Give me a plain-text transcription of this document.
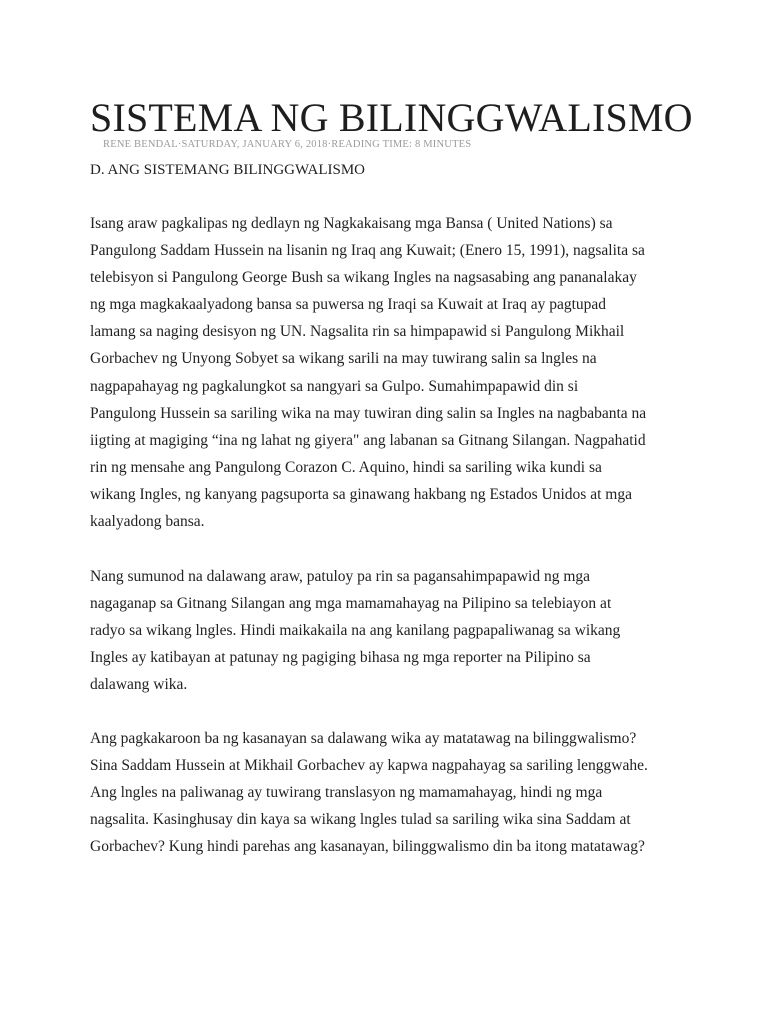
SISTEMA NG BILINGGWALISMO
RENE BENDAL·SATURDAY, JANUARY 6, 2018·READING TIME: 8 MINUTES
D. ANG SISTEMANG BILINGGWALISMO

Isang araw pagkalipas ng dedlayn ng Nagkakaisang mga Bansa ( United Nations) sa
Pangulong Saddam Hussein na lisanin ng Iraq ang Kuwait; (Enero 15, 1991), nagsalita sa
telebisyon si Pangulong George Bush sa wikang Ingles na nagsasabing ang pananalakay
ng mga magkakaalyadong bansa sa puwersa ng Iraqi sa Kuwait at Iraq ay pagtupad
lamang sa naging desisyon ng UN. Nagsalita rin sa himpapawid si Pangulong Mikhail
Gorbachev ng Unyong Sobyet sa wikang sarili na may tuwirang salin sa lngles na
nagpapahayag ng pagkalungkot sa nangyari sa Gulpo. Sumahimpapawid din si
Pangulong Hussein sa sariling wika na may tuwiran ding salin sa Ingles na nagbabanta na
iigting at magiging “ina ng lahat ng giyera" ang labanan sa Gitnang Silangan. Nagpahatid
rin ng mensahe ang Pangulong Corazon C. Aquino, hindi sa sariling wika kundi sa
wikang Ingles, ng kanyang pagsuporta sa ginawang hakbang ng Estados Unidos at mga
kaalyadong bansa.

Nang sumunod na dalawang araw, patuloy pa rin sa pagansahimpapawid ng mga
nagaganap sa Gitnang Silangan ang mga mamamahayag na Pilipino sa telebiayon at
radyo sa wikang lngles. Hindi maikakaila na ang kanilang pagpapaliwanag sa wikang
Ingles ay katibayan at patunay ng pagiging bihasa ng mga reporter na Pilipino sa
dalawang wika.

Ang pagkakaroon ba ng kasanayan sa dalawang wika ay matatawag na bilinggwalismo?
Sina Saddam Hussein at Mikhail Gorbachev ay kapwa nagpahayag sa sariling lenggwahe.
Ang lngles na paliwanag ay tuwirang translasyon ng mamamahayag, hindi ng mga
nagsalita. Kasinghusay din kaya sa wikang lngles tulad sa sariling wika sina Saddam at
Gorbachev? Kung hindi parehas ang kasanayan, bilinggwalismo din ba itong matatawag?
